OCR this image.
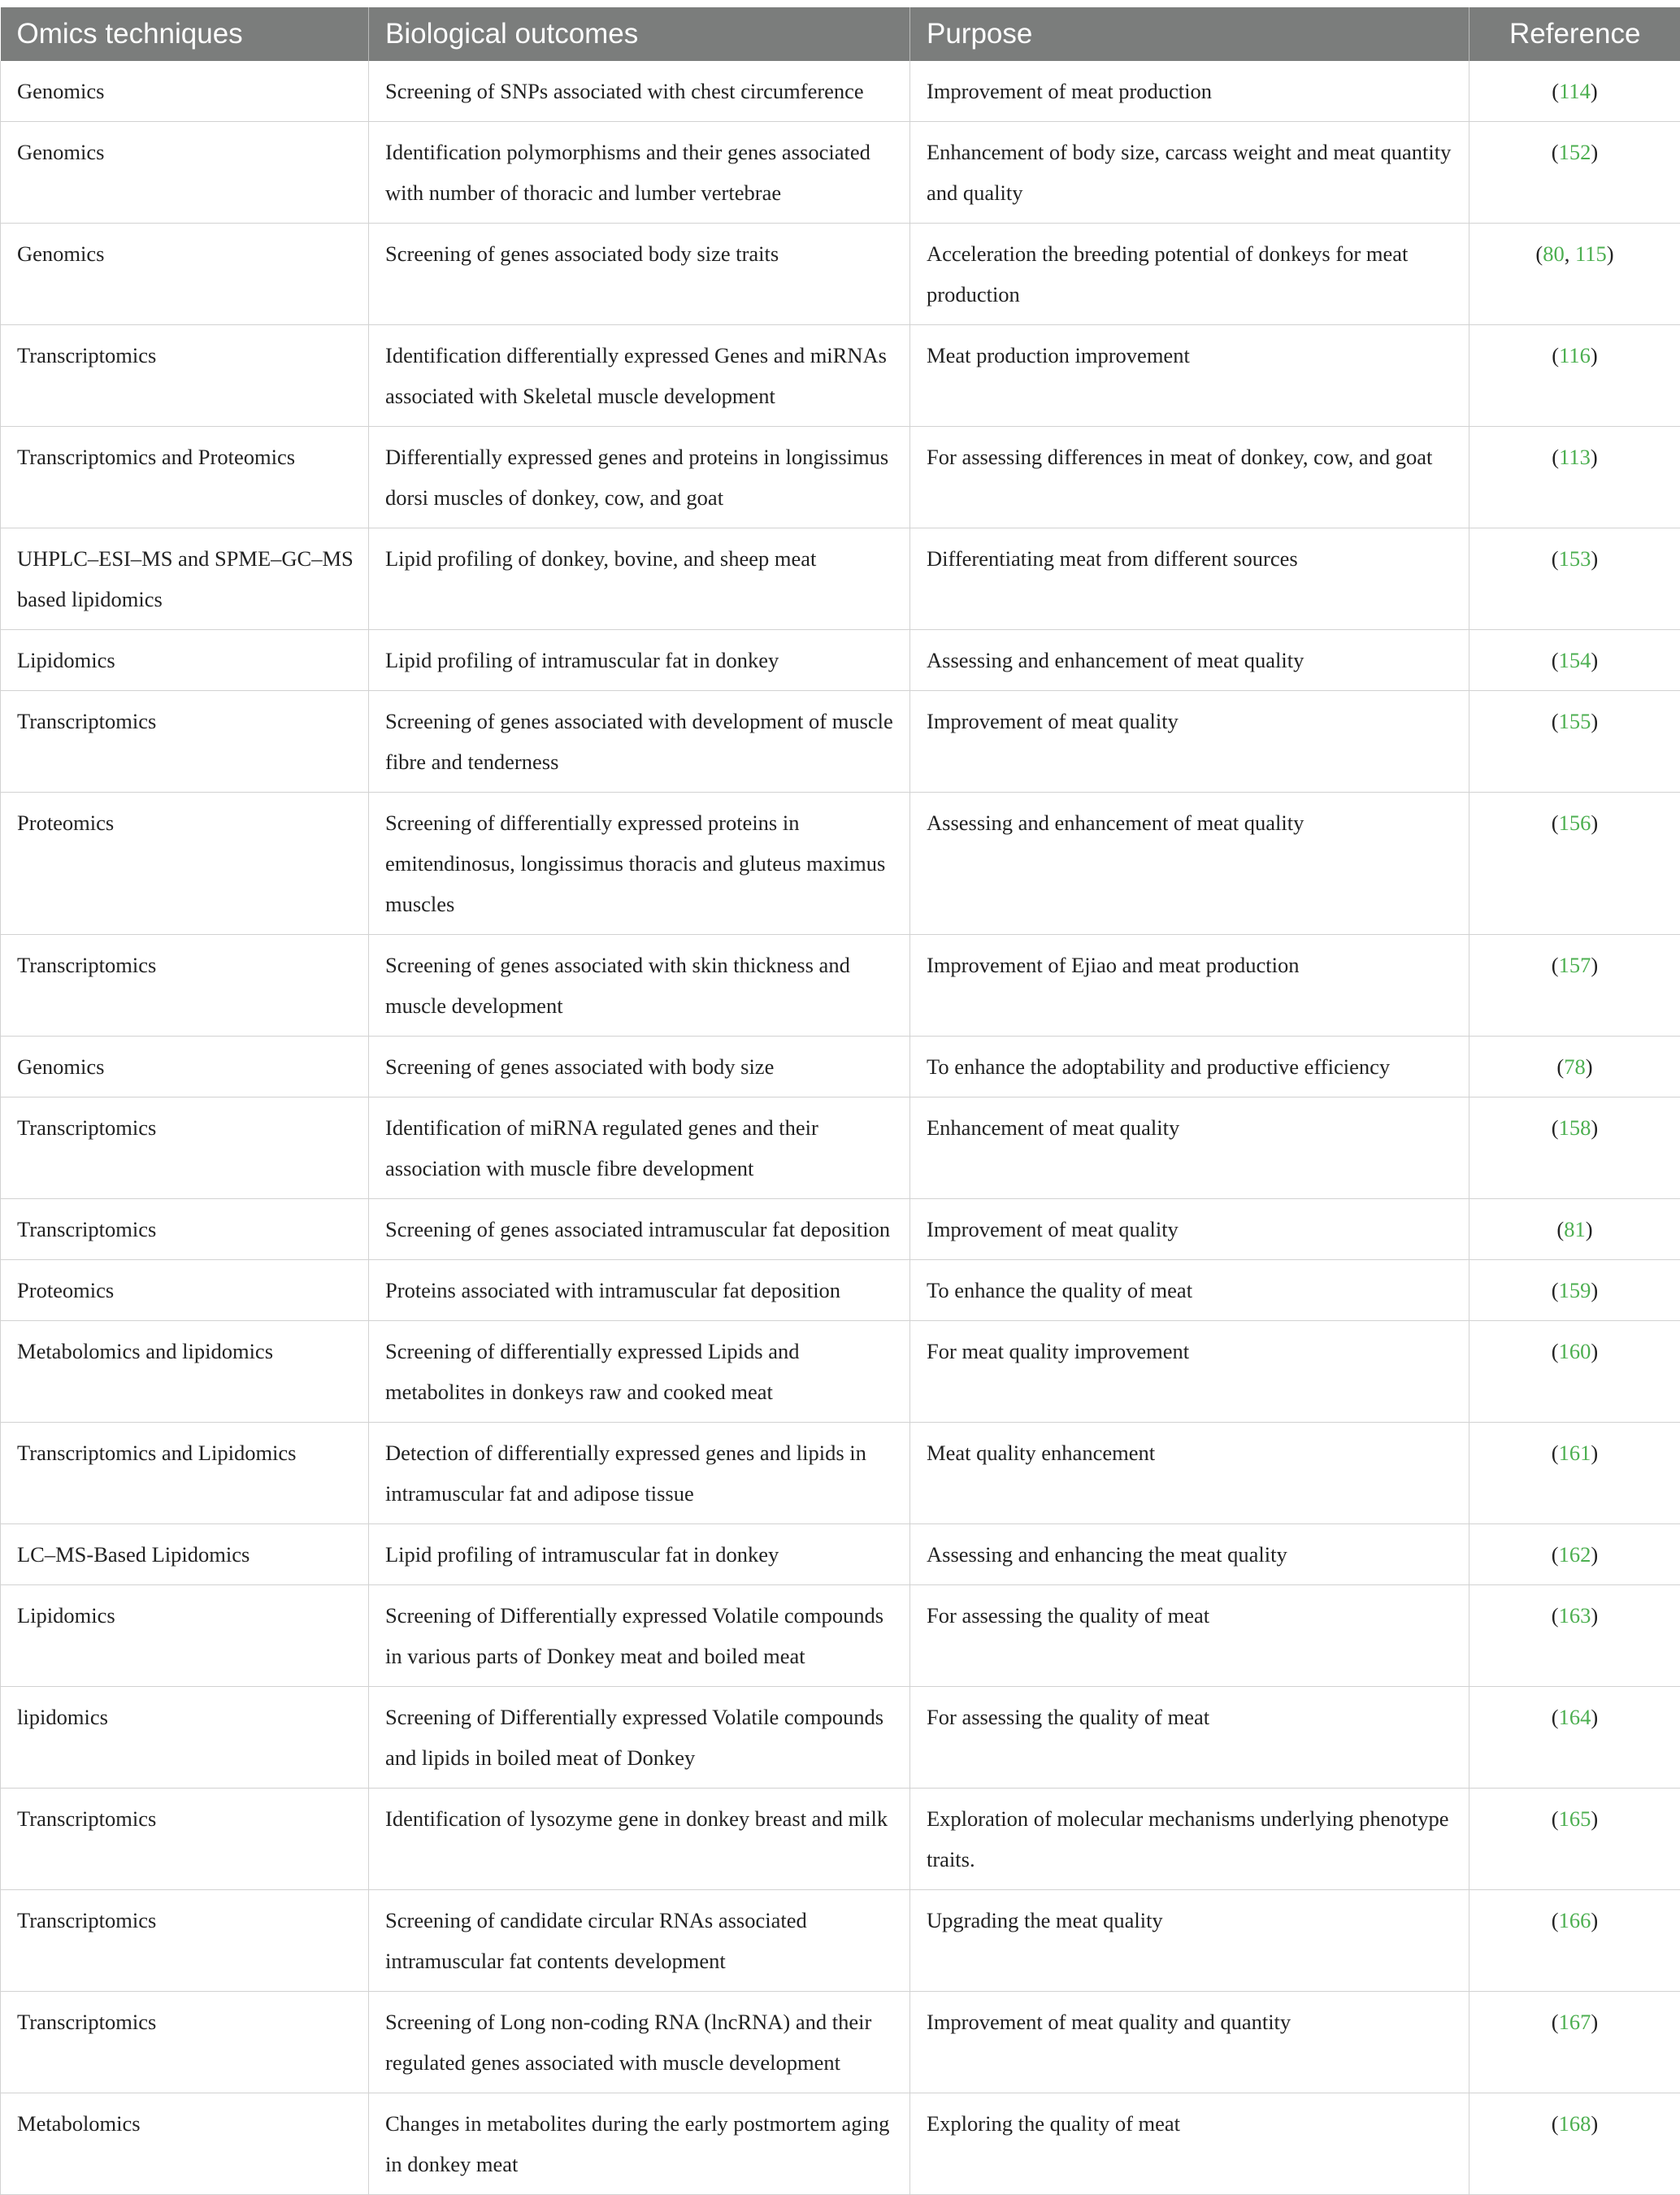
Omics techniques	Biological outcomes	Purpose	Reference
Genomics	Screening of SNPs associated with chest circumference	Improvement of meat production	(114)
Genomics	Identification polymorphisms and their genes associated with number of thoracic and lumber vertebrae	Enhancement of body size, carcass weight and meat quantity and quality	(152)
Genomics	Screening of genes associated body size traits	Acceleration the breeding potential of donkeys for meat production	(80, 115)
Transcriptomics	Identification differentially expressed Genes and miRNAs associated with Skeletal muscle development	Meat production improvement	(116)
Transcriptomics and Proteomics	Differentially expressed genes and proteins in longissimus dorsi muscles of donkey, cow, and goat	For assessing differences in meat of donkey, cow, and goat	(113)
UHPLC–ESI–MS and SPME–GC–MS based lipidomics	Lipid profiling of donkey, bovine, and sheep meat	Differentiating meat from different sources	(153)
Lipidomics	Lipid profiling of intramuscular fat in donkey	Assessing and enhancement of meat quality	(154)
Transcriptomics	Screening of genes associated with development of muscle fibre and tenderness	Improvement of meat quality	(155)
Proteomics	Screening of differentially expressed proteins in emitendinosus, longissimus thoracis and gluteus maximus muscles	Assessing and enhancement of meat quality	(156)
Transcriptomics	Screening of genes associated with skin thickness and muscle development	Improvement of Ejiao and meat production	(157)
Genomics	Screening of genes associated with body size	To enhance the adoptability and productive efficiency	(78)
Transcriptomics	Identification of miRNA regulated genes and their association with muscle fibre development	Enhancement of meat quality	(158)
Transcriptomics	Screening of genes associated intramuscular fat deposition	Improvement of meat quality	(81)
Proteomics	Proteins associated with intramuscular fat deposition	To enhance the quality of meat	(159)
Metabolomics and lipidomics	Screening of differentially expressed Lipids and metabolites in donkeys raw and cooked meat	For meat quality improvement	(160)
Transcriptomics and Lipidomics	Detection of differentially expressed genes and lipids in intramuscular fat and adipose tissue	Meat quality enhancement	(161)
LC–MS-Based Lipidomics	Lipid profiling of intramuscular fat in donkey	Assessing and enhancing the meat quality	(162)
Lipidomics	Screening of Differentially expressed Volatile compounds in various parts of Donkey meat and boiled meat	For assessing the quality of meat	(163)
lipidomics	Screening of Differentially expressed Volatile compounds and lipids in boiled meat of Donkey	For assessing the quality of meat	(164)
Transcriptomics	Identification of lysozyme gene in donkey breast and milk	Exploration of molecular mechanisms underlying phenotype traits.	(165)
Transcriptomics	Screening of candidate circular RNAs associated intramuscular fat contents development	Upgrading the meat quality	(166)
Transcriptomics	Screening of Long non-coding RNA (lncRNA) and their regulated genes associated with muscle development	Improvement of meat quality and quantity	(167)
Metabolomics	Changes in metabolites during the early postmortem aging in donkey meat	Exploring the quality of meat	(168)
